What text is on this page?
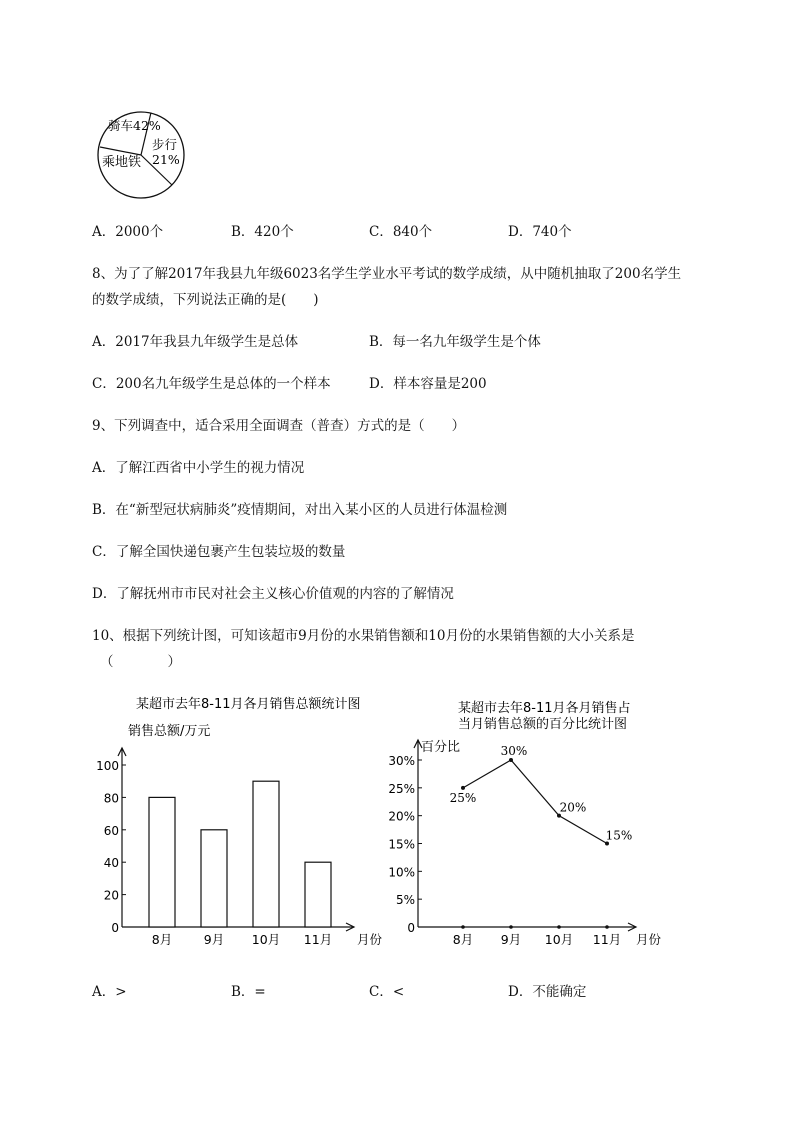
骑车42%
步行
21%
乘地铁
A．2000个	B．420个	C．840个	D．740个
8、为了了解2017年我县九年级6023名学生学业水平考试的数学成绩，从中随机抽取了200名学生
的数学成绩，下列说法正确的是(　　)
A．2017年我县九年级学生是总体	B．每一名九年级学生是个体
C．200名九年级学生是总体的一个样本	D．样本容量是200
9、下列调查中，适合采用全面调查（普查）方式的是（　　）
A．了解江西省中小学生的视力情况
B．在“新型冠状病肺炎”疫情期间，对出入某小区的人员进行体温检测
C．了解全国快递包裹产生包装垃圾的数量
D．了解抚州市市民对社会主义核心价值观的内容的了解情况
10、根据下列统计图，可知该超市9月份的水果销售额和10月份的水果销售额的大小关系是
（　　　　）
某超市去年8-11月各月销售总额统计图
销售总额/万元
0
20
40
60
80
100
8月	9月 10月 11月 月份
某超市去年8-11月各月销售占
当月销售总额的百分比统计图
百分比
0
5%
10%
15%
20%
25%
30%
8月
25%
9月
30%
10月
20%
11月
15%
月份
A．>	B．=	C．<	D．不能确定
